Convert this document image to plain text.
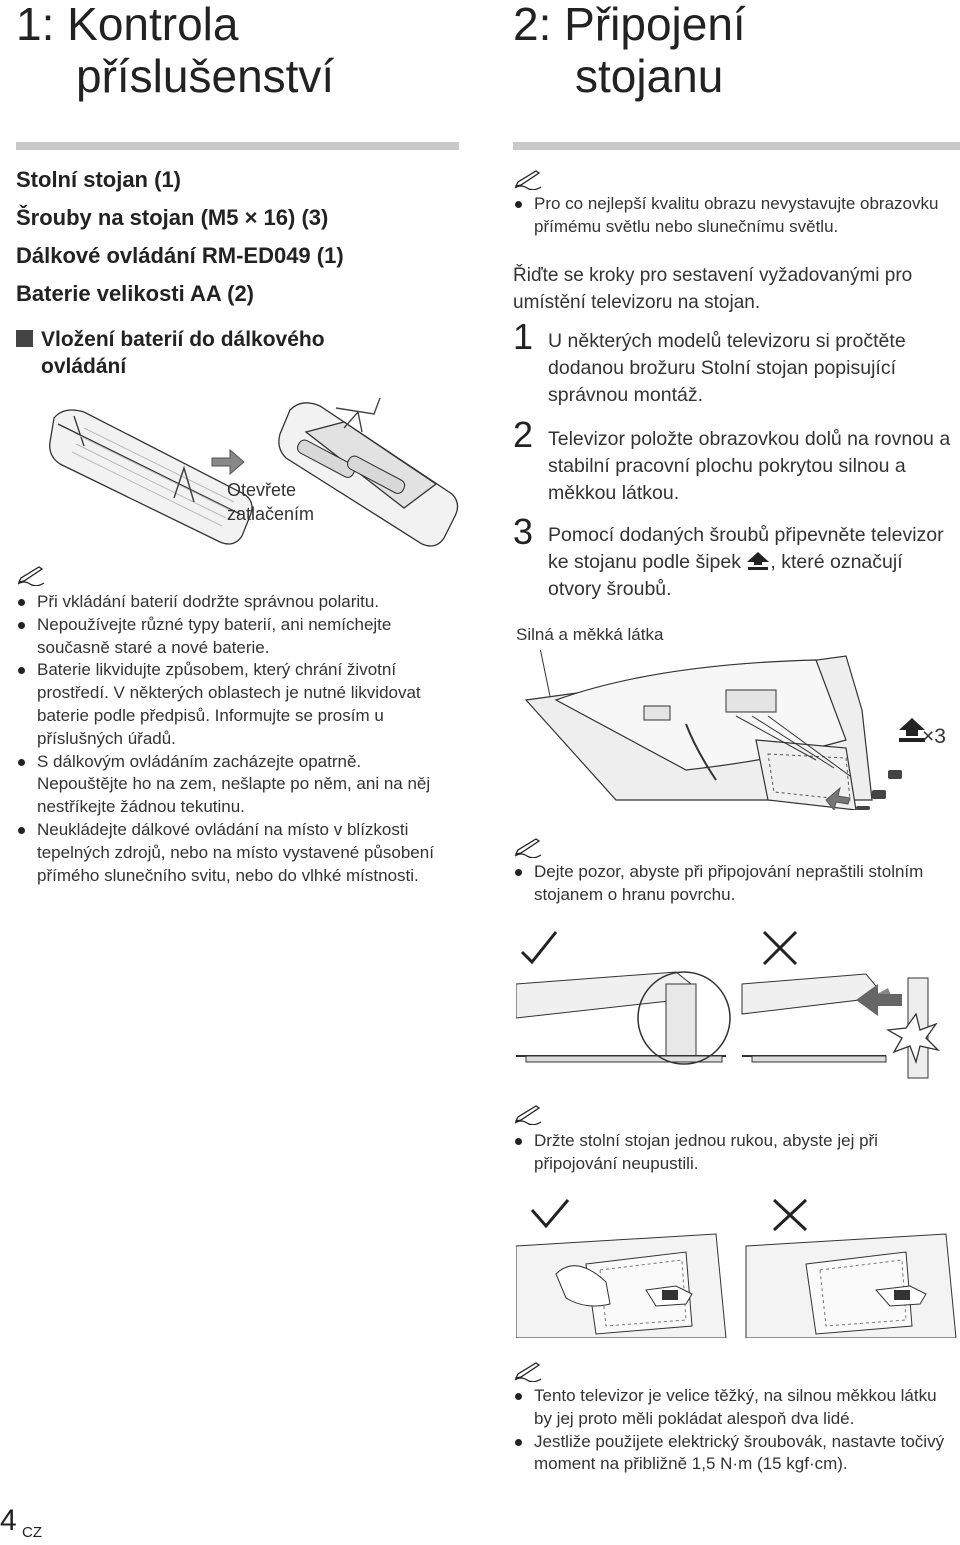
1: Kontrola
příslušenství
Stolní stojan (1)
Šrouby na stojan (M5 × 16) (3)
Dálkové ovládání RM-ED049 (1)
Baterie velikosti AA (2)
Vložení baterií do dálkového
ovládání
Otevřete
zatlačením
Při vkládání baterií dodržte správnou polaritu.
Nepoužívejte různé typy baterií, ani nemíchejte současně staré a nové baterie.
Baterie likvidujte způsobem, který chrání životní prostředí. V některých oblastech je nutné likvidovat baterie podle předpisů. Informujte se prosím u příslušných úřadů.
S dálkovým ovládáním zacházejte opatrně. Nepouštějte ho na zem, nešlapte po něm, ani na něj nestříkejte žádnou tekutinu.
Neukládejte dálkové ovládání na místo v blízkosti tepelných zdrojů, nebo na místo vystavené působení přímého slunečního svitu, nebo do vlhké místnosti.
2: Připojení
stojanu
Pro co nejlepší kvalitu obrazu nevystavujte obrazovku přímému světlu nebo slunečnímu světlu.
Řiďte se kroky pro sestavení vyžadovanými pro umístění televizoru na stojan.
1 U některých modelů televizoru si pročtěte dodanou brožuru Stolní stojan popisující správnou montáž.
2 Televizor položte obrazovkou dolů na rovnou a stabilní pracovní plochu pokrytou silnou a měkkou látkou.
3 Pomocí dodaných šroubů připevněte televizor ke stojanu podle šipek , které označují otvory šroubů.
Silná a měkká látka
×3
Dejte pozor, abyste při připojování nepraštili stolním stojanem o hranu povrchu.
Držte stolní stojan jednou rukou, abyste jej při připojování neupustili.
Tento televizor je velice těžký, na silnou měkkou látku by jej proto měli pokládat alespoň dva lidé.
Jestliže použijete elektrický šroubovák, nastavte točivý moment na přibližně 1,5 N·m (15 kgf·cm).
4 CZ
